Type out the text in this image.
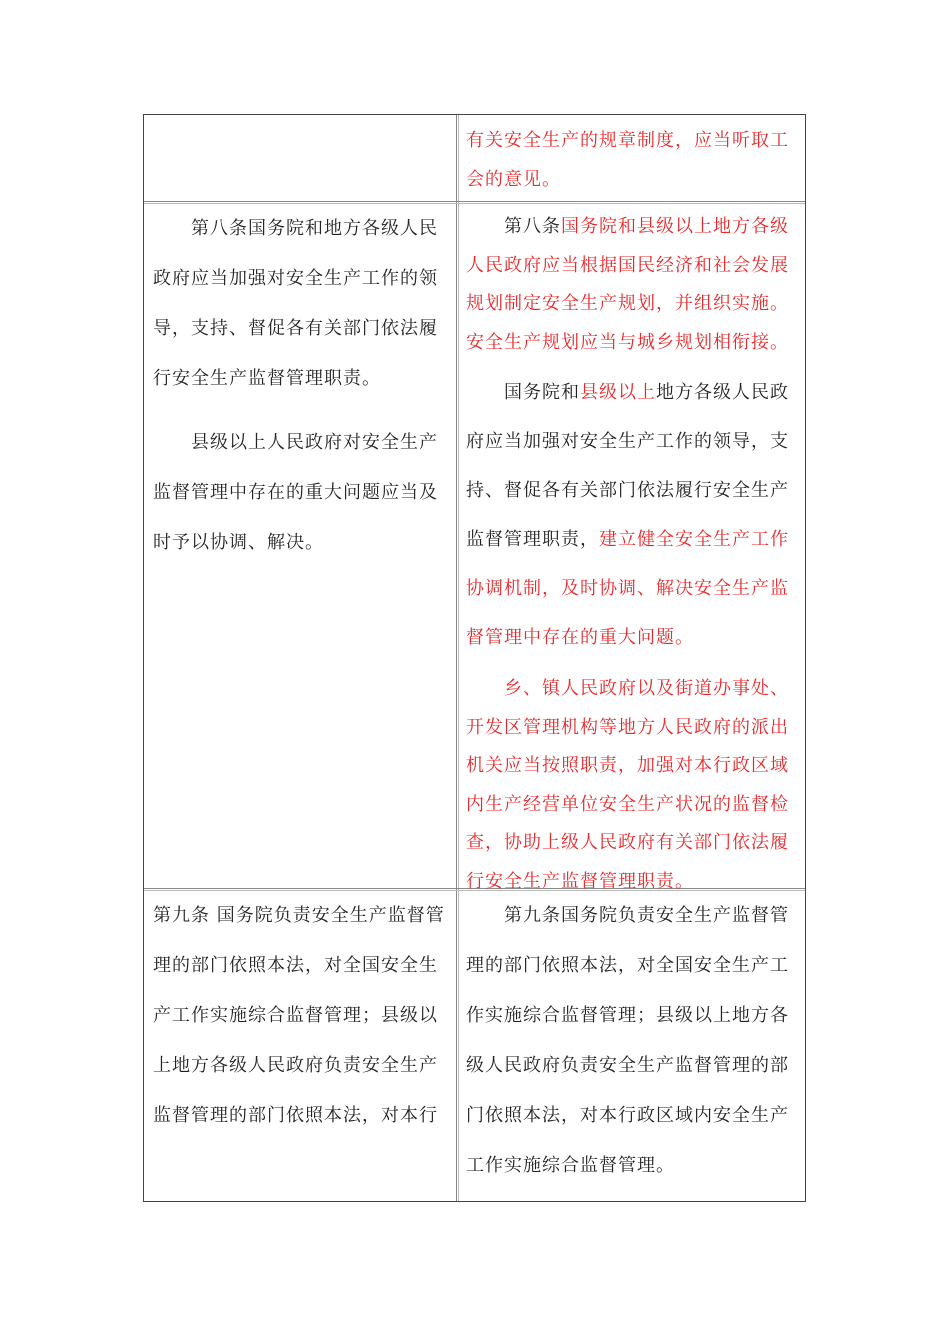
有关安全生产的规章制度，应当听取工会的意见。

第八条国务院和地方各级人民政府应当加强对安全生产工作的领导，支持、督促各有关部门依法履行安全生产监督管理职责。

县级以上人民政府对安全生产监督管理中存在的重大问题应当及时予以协调、解决。

第八条国务院和县级以上地方各级人民政府应当根据国民经济和社会发展规划制定安全生产规划，并组织实施。安全生产规划应当与城乡规划相衔接。

国务院和县级以上地方各级人民政府应当加强对安全生产工作的领导，支持、督促各有关部门依法履行安全生产监督管理职责，建立健全安全生产工作协调机制，及时协调、解决安全生产监督管理中存在的重大问题。

乡、镇人民政府以及街道办事处、开发区管理机构等地方人民政府的派出机关应当按照职责，加强对本行政区域内生产经营单位安全生产状况的监督检查，协助上级人民政府有关部门依法履行安全生产监督管理职责。

第九条 国务院负责安全生产监督管理的部门依照本法，对全国安全生产工作实施综合监督管理；县级以上地方各级人民政府负责安全生产监督管理的部门依照本法，对本行

第九条国务院负责安全生产监督管理的部门依照本法，对全国安全生产工作实施综合监督管理；县级以上地方各级人民政府负责安全生产监督管理的部门依照本法，对本行政区域内安全生产工作实施综合监督管理。
